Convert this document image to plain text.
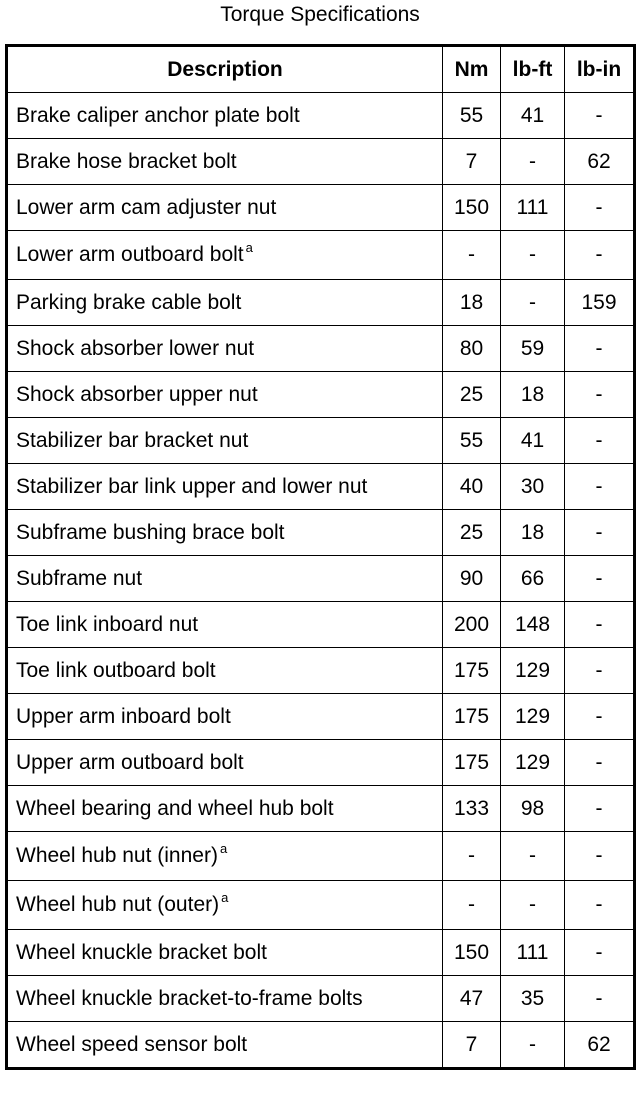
Torque Specifications
Description	Nm	lb-ft	lb-in
Brake caliper anchor plate bolt	55	41	-
Brake hose bracket bolt	7	-	62
Lower arm cam adjuster nut	150	111	-
Lower arm outboard bolt $^a$	-	-	-
Parking brake cable bolt	18	-	159
Shock absorber lower nut	80	59	-
Shock absorber upper nut	25	18	-
Stabilizer bar bracket nut	55	41	-
Stabilizer bar link upper and lower nut	40	30	-
Subframe bushing brace bolt	25	18	-
Subframe nut	90	66	-
Toe link inboard nut	200	148	-
Toe link outboard bolt	175	129	-
Upper arm inboard bolt	175	129	-
Upper arm outboard bolt	175	129	-
Wheel bearing and wheel hub bolt	133	98	-
Wheel hub nut (inner) $^a$	-	-	-
Wheel hub nut (outer) $^a$	-	-	-
Wheel knuckle bracket bolt	150	111	-
Wheel knuckle bracket-to-frame bolts	47	35	-
Wheel speed sensor bolt	7	-	62
